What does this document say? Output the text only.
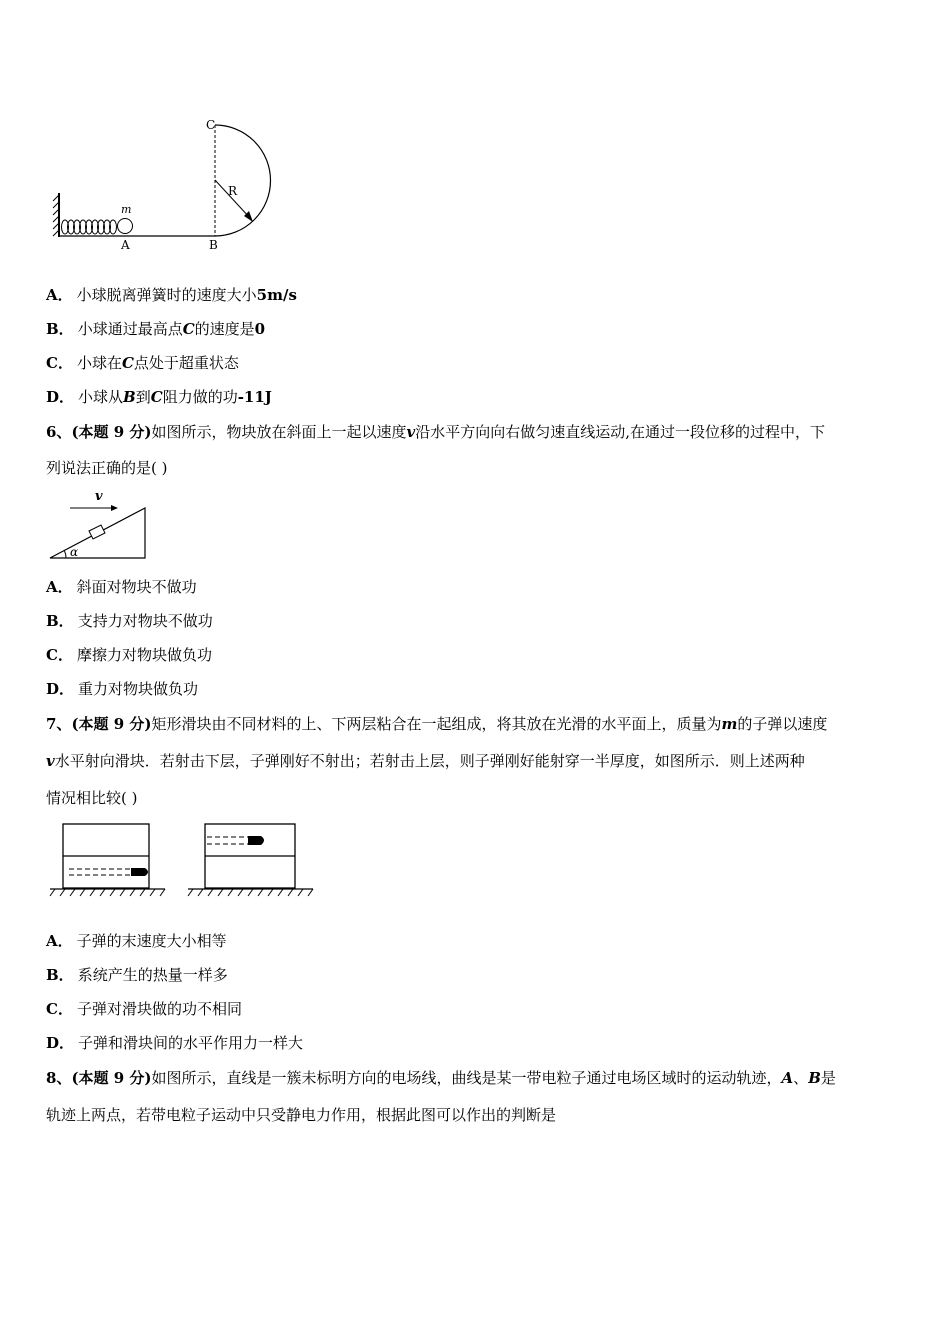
R
C
m
A	B
A． 小球脱离弹簧时的速度大小5m/s
B． 小球通过最高点C的速度是0
C． 小球在C点处于超重状态
D． 小球从B到C阻力做的功-11J
6、(本题 9 分)如图所示，物块放在斜面上一起以速度v沿水平方向向右做匀速直线运动,在通过一段位移的过程中，下
列说法正确的是( )
v
α
A． 斜面对物块不做功
B． 支持力对物块不做功
C． 摩擦力对物块做负功
D． 重力对物块做负功
7、(本题 9 分)矩形滑块由不同材料的上、下两层粘合在一起组成，将其放在光滑的水平面上，质量为m的子弹以速度
v水平射向滑块．若射击下层，子弹刚好不射出；若射击上层，则子弹刚好能射穿一半厚度，如图所示．则上述两种
情况相比较( )
A． 子弹的末速度大小相等
B． 系统产生的热量一样多
C． 子弹对滑块做的功不相同
D． 子弹和滑块间的水平作用力一样大
8、(本题 9 分)如图所示，直线是一簇未标明方向的电场线，曲线是某一带电粒子通过电场区域时的运动轨迹，A、B是
轨迹上两点，若带电粒子运动中只受静电力作用，根据此图可以作出的判断是
